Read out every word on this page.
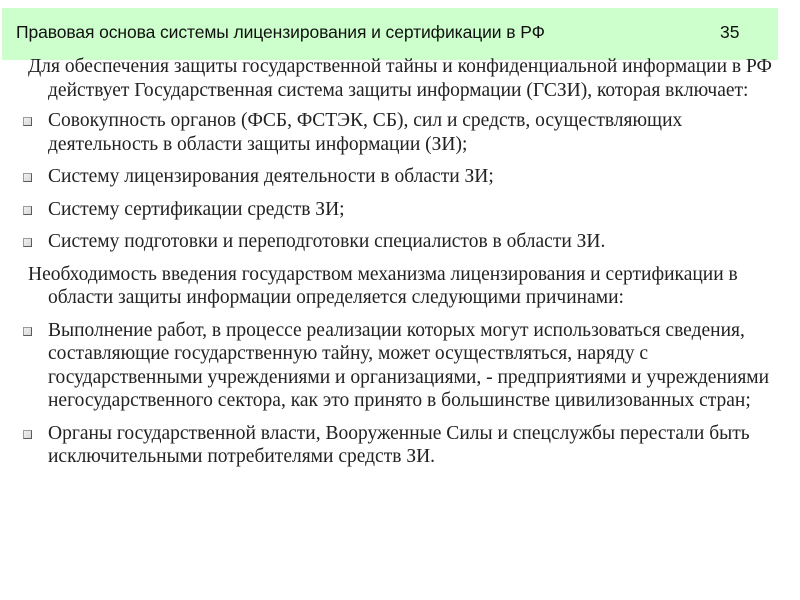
Правовая основа системы лицензирования и сертификации в РФ	35
Для обеспечения защиты государственной тайны и конфиденциальной информации в РФ действует Государственная система защиты информации (ГСЗИ), которая включает:
Совокупность органов (ФСБ, ФСТЭК, СБ), сил и средств, осуществляющих деятельность в области защиты информации (ЗИ);
Систему лицензирования деятельности в области ЗИ;
Систему сертификации средств ЗИ;
Систему подготовки и переподготовки специалистов в области ЗИ.
Необходимость введения государством механизма лицензирования и сертификации в области защиты информации определяется следующими причинами:
Выполнение работ, в процессе реализации которых могут использоваться сведения, составляющие государственную тайну, может осуществляться, наряду с государственными учреждениями и организациями, - предприятиями и учреждениями негосударственного сектора, как это принято в большинстве цивилизованных стран;
Органы государственной власти, Вооруженные Силы и спецслужбы перестали быть исключительными потребителями средств ЗИ.
